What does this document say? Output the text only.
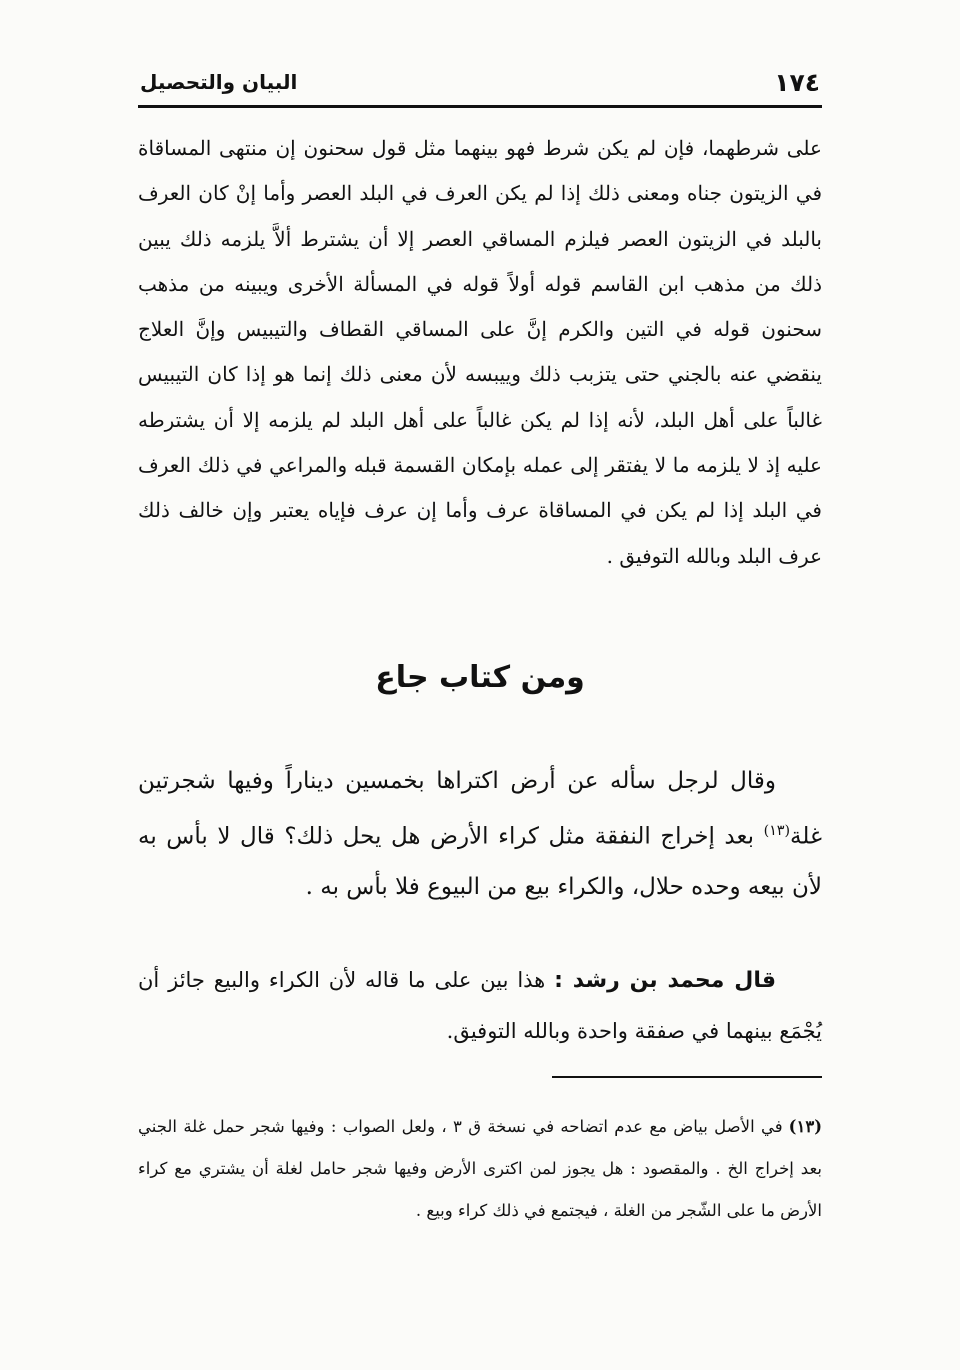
١٧٤
البيان والتحصيل
على شرطهما، فإن لم يكن شرط فهو بينهما مثل قول سحنون إن منتهى المساقاة في الزيتون جناه ومعنى ذلك إذا لم يكن العرف في البلد العصر وأما إنْ كان العرف بالبلد في الزيتون العصر فيلزم المساقي العصر إلا أن يشترط ألاَّ يلزمه ذلك يبين ذلك من مذهب ابن القاسم قوله أولاً قوله في المسألة الأخرى ويبينه من مذهب سحنون قوله في التين والكرم إنَّ على المساقي القطاف والتيبيس وإنَّ العلاج ينقضي عنه بالجني حتى يتزبب ذلك وييبسه لأن معنى ذلك إنما هو إذا كان التيبيس غالباً على أهل البلد، لأنه إذا لم يكن غالباً على أهل البلد لم يلزمه إلا أن يشترطه عليه إذ لا يلزمه ما لا يفتقر إلى عمله بإمكان القسمة قبله والمراعي في ذلك العرف في البلد إذا لم يكن في المساقاة عرف وأما إن عرف فإياه يعتبر وإن خالف ذلك عرف البلد وبالله التوفيق .
ومن كتاب جاع
وقال لرجل سأله عن أرض اكتراها بخمسين ديناراً وفيها شجرتين غلة$^{(١٣)}$ بعد إخراج النفقة مثل كراء الأرض هل يحل ذلك؟ قال لا بأس به لأن بيعه وحده حلال، والكراء بيع من البيوع فلا بأس به .
قال محمد بن رشد : هذا بين على ما قاله لأن الكراء والبيع جائز أن يُجْمَع بينهما في صفقة واحدة وبالله التوفيق.
(١٣)في الأصل بياض مع عدم اتضاحه في نسخة ق ٣ ، ولعل الصواب : وفيها شجر حمل غلة الجني بعد إخراج الخ . والمقصود : هل يجوز لمن اكترى الأرض وفيها شجر حامل لغلة أن يشتري مع كراء الأرض ما على الشّجر من الغلة ، فيجتمع في ذلك كراء وبيع .
